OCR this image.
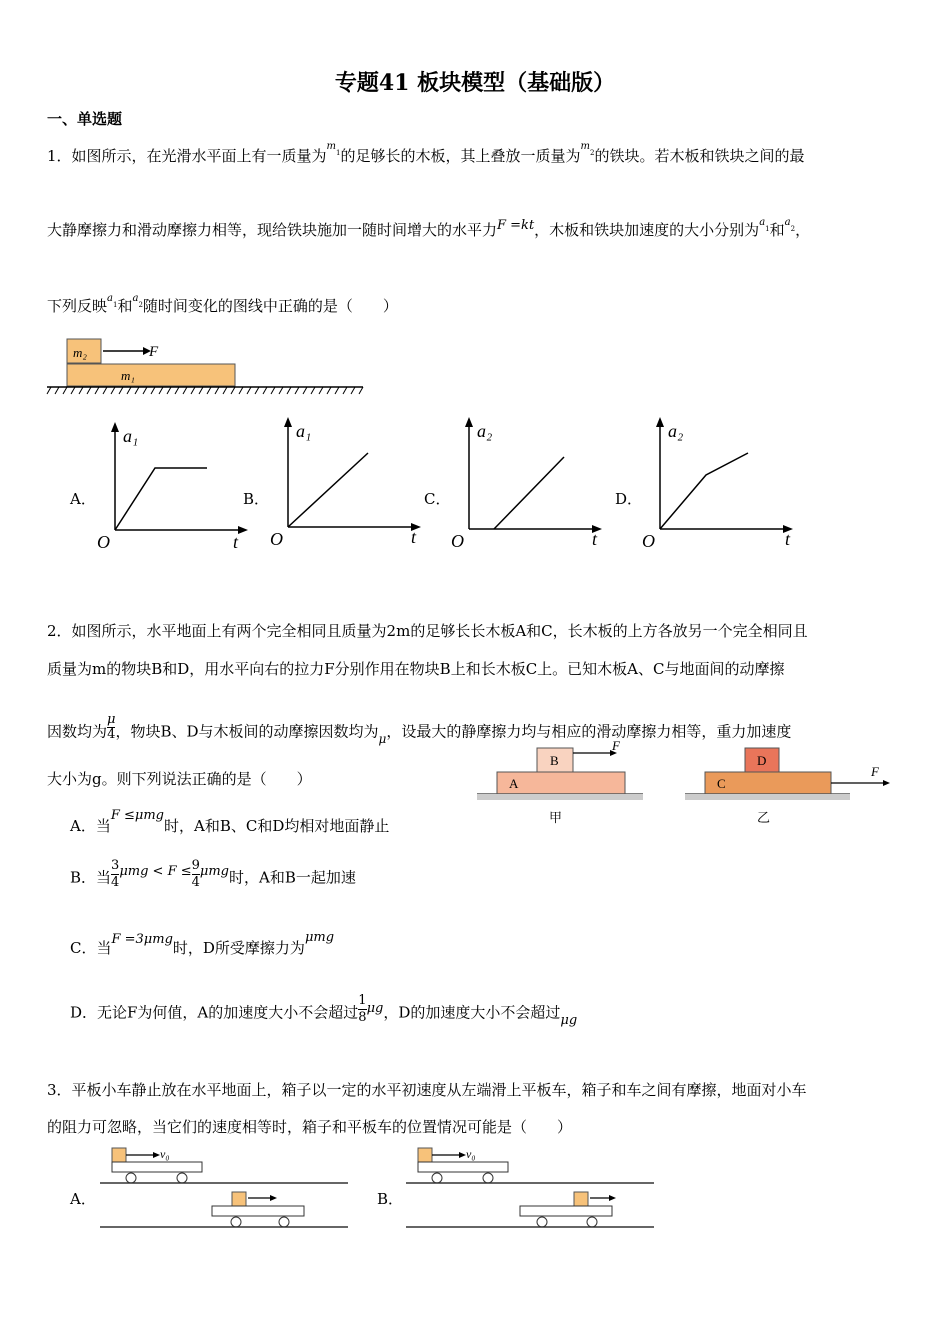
专题41 板块模型（基础版）
一、单选题
1．如图所示，在光滑水平面上有一质量为$^m_1$的足够长的木板，其上叠放一质量为$^m_2$的铁块。若木板和铁块之间的最
大静摩擦力和滑动摩擦力相等，现给铁块施加一随时间增大的水平力F =kt，木板和铁块加速度的大小分别为$^a_1$和$^a_2$，
下列反映$^a_1$和$^a_2$随时间变化的图线中正确的是（　　）
m₂	F
m₁
A．
a₁
t
O
B．
a₁
t
O
C．
a₂
t
O
D．
a₂
t
O
2．如图所示，水平地面上有两个完全相同且质量为2m的足够长长木板A和C，长木板的上方各放另一个完全相同且
质量为m的物块B和D，用水平向右的拉力F分别作用在物块B上和长木板C上。已知木板A、C与地面间的动摩擦
因数均为 $\frac{\mu}{4}$ ，物块B、D与木板间的动摩擦因数均为$_\mu$，设最大的静摩擦力均与相应的滑动摩擦力相等，重力加速度
大小为g。则下列说法正确的是（　　）
B
F
A
甲
D
C
F
乙
A．当F ≤μmg时，A和B、C和D均相对地面静止
B．当 $\frac{3}{4}$ $\mu mg < F \le \frac{9}{4}$ μmg时，A和B一起加速
C．当F =3μmg时，D所受摩擦力为μmg
D．无论F为何值，A的加速度大小不会超过 $\frac{1}{8}$ μg，D的加速度大小不会超过μg
3．平板小车静止放在水平地面上，箱子以一定的水平初速度从左端滑上平板车，箱子和车之间有摩擦，地面对小车
的阻力可忽略，当它们的速度相等时，箱子和平板车的位置情况可能是（　　）
A．
v₀
B．
v₀
